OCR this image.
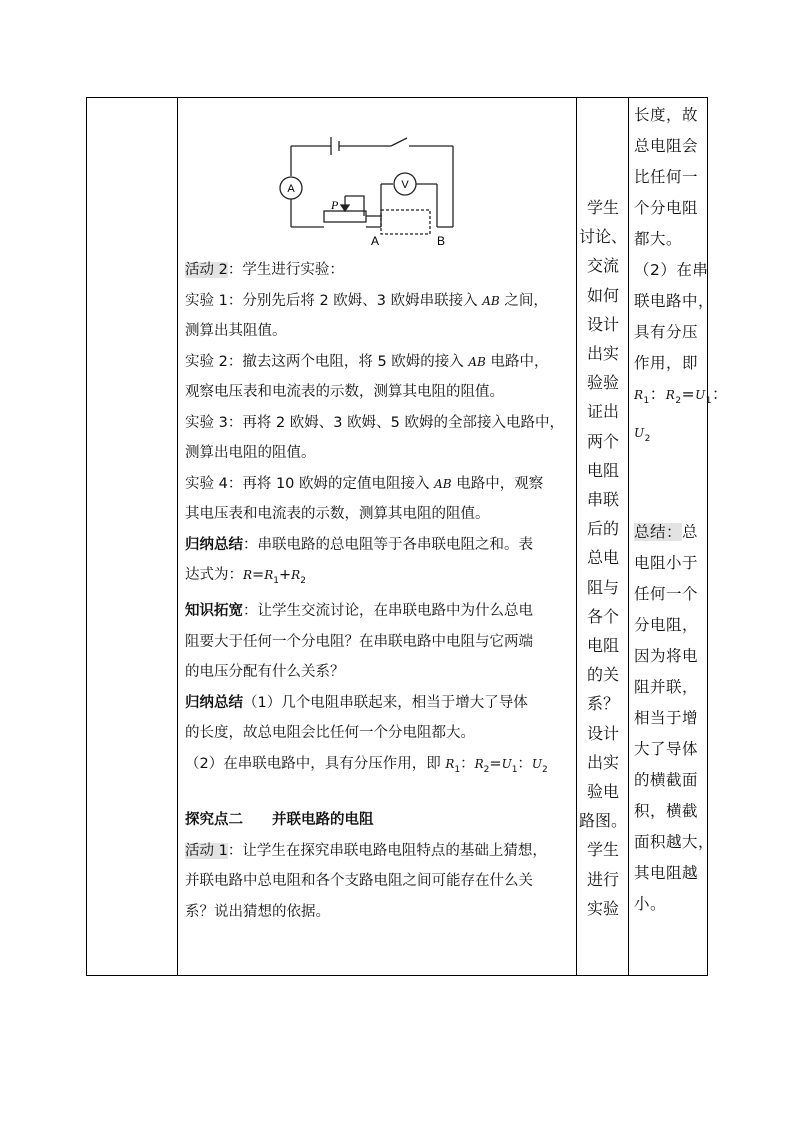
A	V
P
A	B
活动 2：学生进行实验：
实验 1：分别先后将 2 欧姆、3 欧姆串联接入 AB 之间，
测算出其阻值。
实验 2：撤去这两个电阻，将 5 欧姆的接入 AB 电路中，
观察电压表和电流表的示数，测算其电阻的阻值。
实验 3：再将 2 欧姆、3 欧姆、5 欧姆的全部接入电路中，
测算出电阻的阻值。
实验 4：再将 10 欧姆的定值电阻接入 AB 电路中，观察
其电压表和电流表的示数，测算其电阻的阻值。
归纳总结：串联电路的总电阻等于各串联电阻之和。表
达式为：$R=R_1+R_2$
知识拓宽：让学生交流讨论，在串联电路中为什么总电
阻要大于任何一个分电阻？在串联电路中电阻与它两端
的电压分配有什么关系？
归纳总结（1）几个电阻串联起来，相当于增大了导体
的长度，故总电阻会比任何一个分电阻都大。
（2）在串联电路中，具有分压作用，即 $R_1$：$R_2=U_1$：$U_2$
探究点二　　并联电路的电阻
活动 1：让学生在探究串联电路电阻特点的基础上猜想，
并联电路中总电阻和各个支路电阻之间可能存在什么关
系？说出猜想的依据。
学生
讨论、
交流
如何
设计
出实
验验
证出
两个
电阻
串联
后的
总电
阻与
各个
电阻
的关
系？
设计
出实
验电
路图。
学生
进行
实验
长度，故
总电阻会
比任何一
个分电阻
都大。
（2）在串
联电路中，
具有分压
作用，即
$R_1$：$R_2=U_1$：
$U_2$
总结：总
电阻小于
任何一个
分电阻，
因为将电
阻并联，
相当于增
大了导体
的横截面
积，横截
面积越大，
其电阻越
小。
